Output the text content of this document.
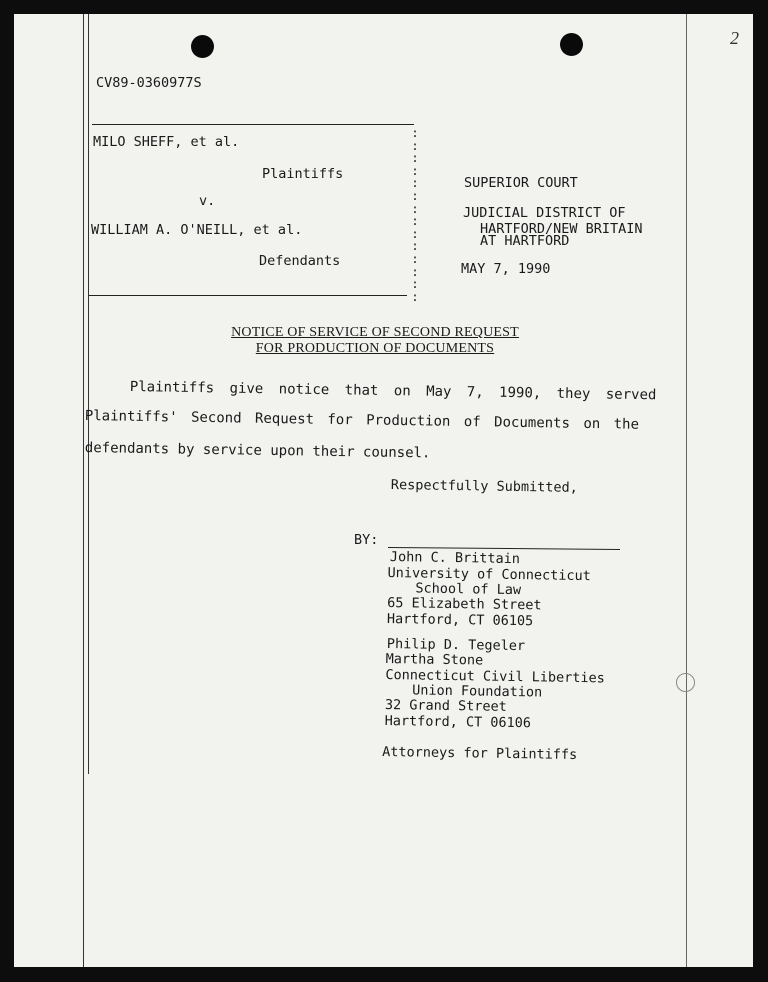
2
CV89-0360977S
MILO SHEFF, et al.
Plaintiffs
v.
WILLIAM A. O'NEILL, et al.
Defendants
:
:
:
:
:
:
:
:
:
:
:
:
:
:
SUPERIOR COURT
JUDICIAL DISTRICT OF
HARTFORD/NEW BRITAIN
AT HARTFORD
MAY 7, 1990
NOTICE OF SERVICE OF SECOND REQUEST
FOR PRODUCTION OF DOCUMENTS
Plaintiffs give notice that on May 7, 1990, they served
Plaintiffs' Second Request for Production of Documents on the
defendants by service upon their counsel.
Respectfully Submitted,
BY:
John C. Brittain
University of Connecticut
School of Law
65 Elizabeth Street
Hartford, CT 06105
Philip D. Tegeler
Martha Stone
Connecticut Civil Liberties
Union Foundation
32 Grand Street
Hartford, CT 06106
Attorneys for Plaintiffs
